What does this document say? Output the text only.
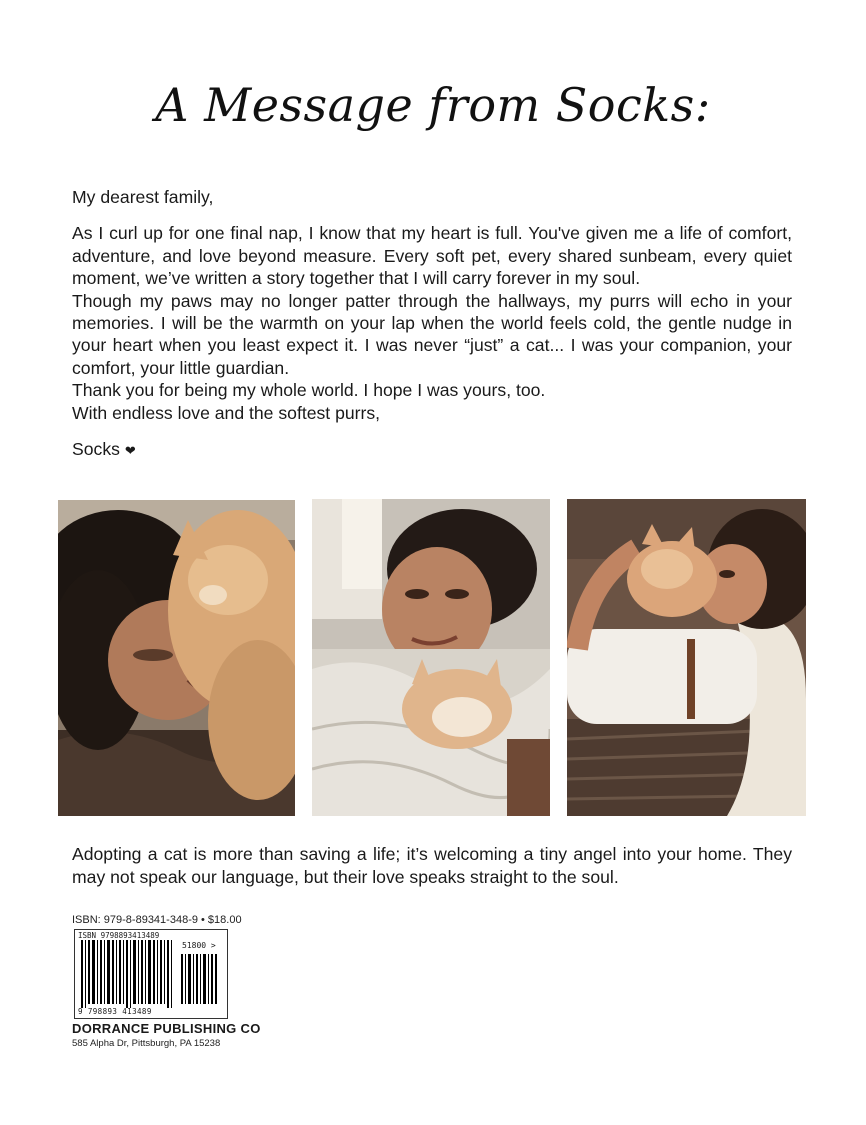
A Message from Socks:

My dearest family,

As I curl up for one final nap, I know that my heart is full. You've given me a life of comfort, adventure, and love beyond measure. Every soft pet, every shared sunbeam, every quiet moment, we’ve written a story together that I will carry forever in my soul.

Though my paws may no longer patter through the hallways, my purrs will echo in your memories. I will be the warmth on your lap when the world feels cold, the gentle nudge in your heart when you least expect it. I was never “just” a cat... I was your companion, your comfort, your little guardian.

Thank you for being my whole world. I hope I was yours, too.

With endless love and the softest purrs,

Socks ❤

Adopting a cat is more than saving a life; it’s welcoming a tiny angel into your home. They may not speak our language, but their love speaks straight to the soul.
ISBN: 979-8-89341-348-9 • $18.00
ISBN 9798893413489
51800 >
9 798893 413489
DORRANCE PUBLISHING CO
585 Alpha Dr, Pittsburgh, PA 15238
